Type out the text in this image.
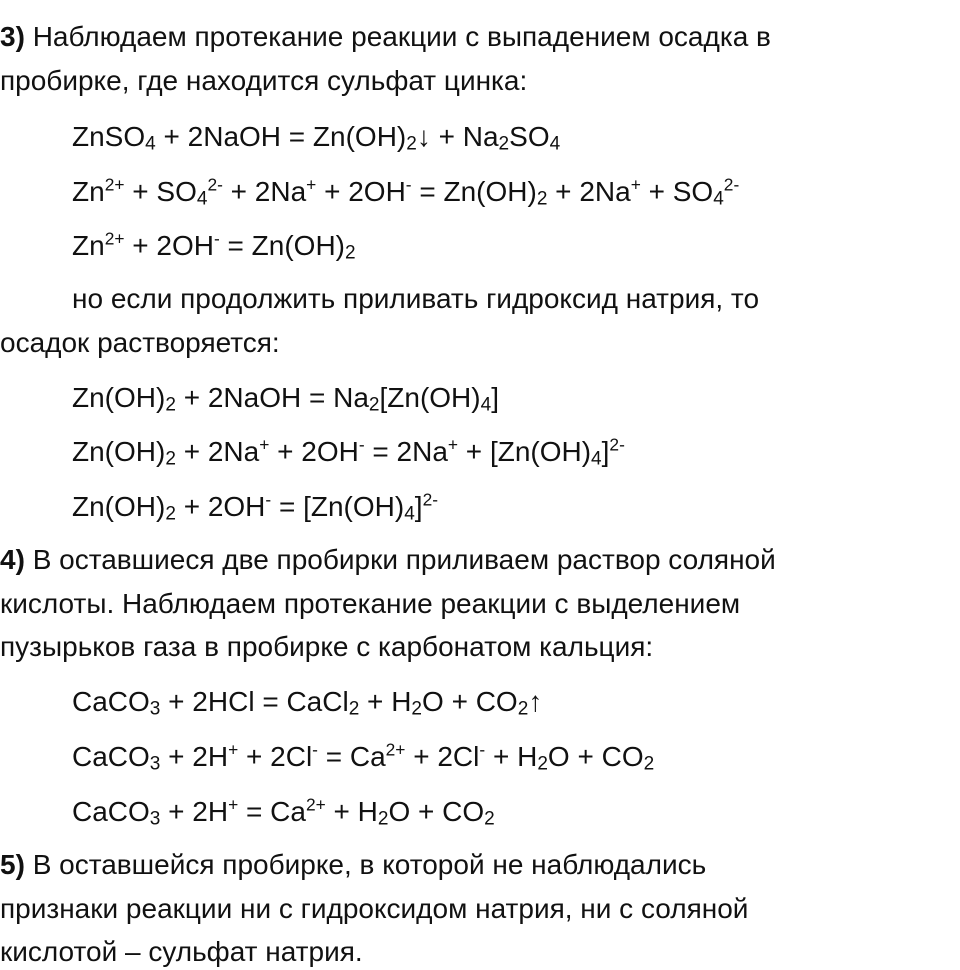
3) Наблюдаем протекание реакции с выпадением осадка в
пробирке, где находится сульфат цинка:
ZnSO$_4$ + 2NaOH = $Zn(OH)_2↓ + Na_2SO_4$
$Zn^{2+} + SO_4^{2-} + 2Na^+ + 2OH^- = Zn(OH)_2 + 2Na^+ + SO_4^{2-}$
$Zn^{2+} + 2OH^- = Zn(OH)_2$
но если продолжить приливать гидроксид натрия, то
осадок растворяется:
$Zn(OH)_2$ + 2NaOH = $Na_2[Zn(OH)_4]$
$Zn(OH)_2 + 2Na^+ + 2OH^- = 2Na^+ + [Zn(OH)_4]^{2-}$
$Zn(OH)_2 + 2OH^- = [Zn(OH)_4]^{2-}$
4) В оставшиеся две пробирки приливаем раствор соляной
кислоты. Наблюдаем протекание реакции с выделением
пузырьков газа в пробирке с карбонатом кальция:
CaCO$_3$ + 2HCl = CaCl$_2$ + $H_2O$ + $CO_2↑$
CaCO$_3$ + $2H^+ + 2Cl^- = Ca^{2+} + 2Cl^- + H_2O + CO_2$
CaCO$_3$ + $2H^+ = Ca^{2+} + H_2O + CO_2$
5) В оставшейся пробирке, в которой не наблюдались
признаки реакции ни с гидроксидом натрия, ни с соляной
кислотой – сульфат натрия.
